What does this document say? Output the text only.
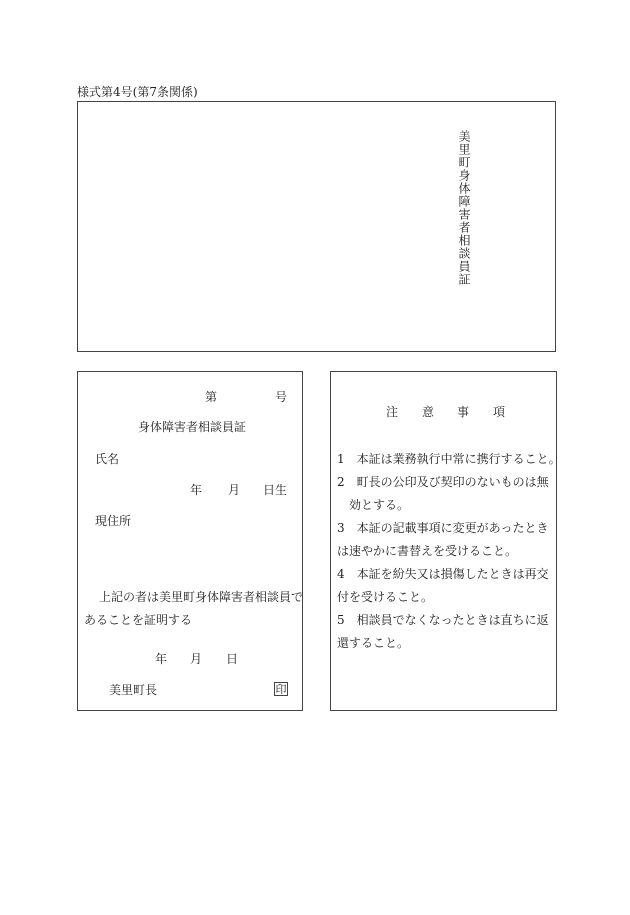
様式第4号(第7条関係)
美里町身体障害者相談員証
第	号
身体障害者相談員証
氏名
年 月 日生
現住所
上記の者は美里町身体障害者相談員で
あることを証明する
年 月 日
美里町長	印
注 意 事 項
1　本証は業務執行中常に携行すること。
2　町長の公印及び契印のないものは無
　効とする。
3　本証の記載事項に変更があったとき
は速やかに書替えを受けること。
4　本証を紛失又は損傷したときは再交
付を受けること。
5　相談員でなくなったときは直ちに返
還すること。
